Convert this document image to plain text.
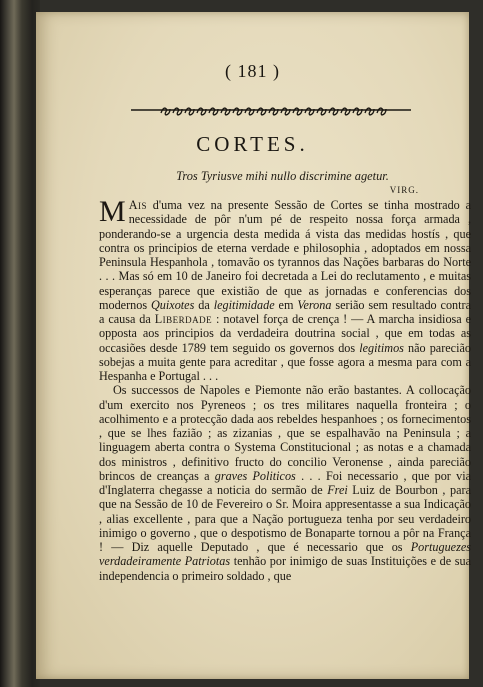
( 181 )
CORTES.
Tros Tyriusve mihi nullo discrimine agetur.
VIRG.

M Ais d'uma vez na presente Sessão de Cortes se tinha mostrado a necessidade de pôr n'um pé de respeito nossa força armada , ponderando-se a urgencia desta medida á vista das medidas hostís , que contra os principios de eterna verdade e philosophia , adoptados em nossa Peninsula Hespanhola , tomavão os tyrannos das Nações barbaras do Norte . . . Mas só em 10 de Janeiro foi decretada a Lei do reclutamento , e muitas esperanças parece que existião de que as jornadas e conferencias dos modernos Quixotes da legitimidade em Verona serião sem resultado contra a causa da Liberdade : notavel força de crença ! — A marcha insidiosa e opposta aos principios da verdadeira doutrina social , que em todas as occasiões desde 1789 tem seguido os governos dos legitimos não parecião sobejas a muita gente para acreditar , que fosse agora a mesma para com a Hespanha e Portugal . . .

Os successos de Napoles e Piemonte não erão bastantes. A collocação d'um exercito nos Pyreneos ; os tres militares naquella fronteira ; o acolhimento e a protecção dada aos rebeldes hespanhoes ; os fornecimentos , que se lhes fazião ; as zizanias , que se espalhavão na Peninsula ; a linguagem aberta contra o Systema Constitucional ; as notas e a chamada dos ministros , definitivo fructo do concilio Veronense , ainda parecião brincos de creanças a graves Politicos . . . Foi necessario , que por via d'Inglaterra chegasse a noticia do sermão de Frei Luiz de Bourbon , para que na Sessão de 10 de Fevereiro o Sr. Moira appresentasse a sua Indicação , alias excellente , para que a Nação portugueza tenha por seu verdadeiro inimigo o governo , que o despotismo de Bonaparte tornou a pôr na França ! — Diz aquelle Deputado , que é necessario que os Portuguezes verdadeiramente Patriotas tenhão por inimigo de suas Instituições e de sua independencia o primeiro soldado , que
